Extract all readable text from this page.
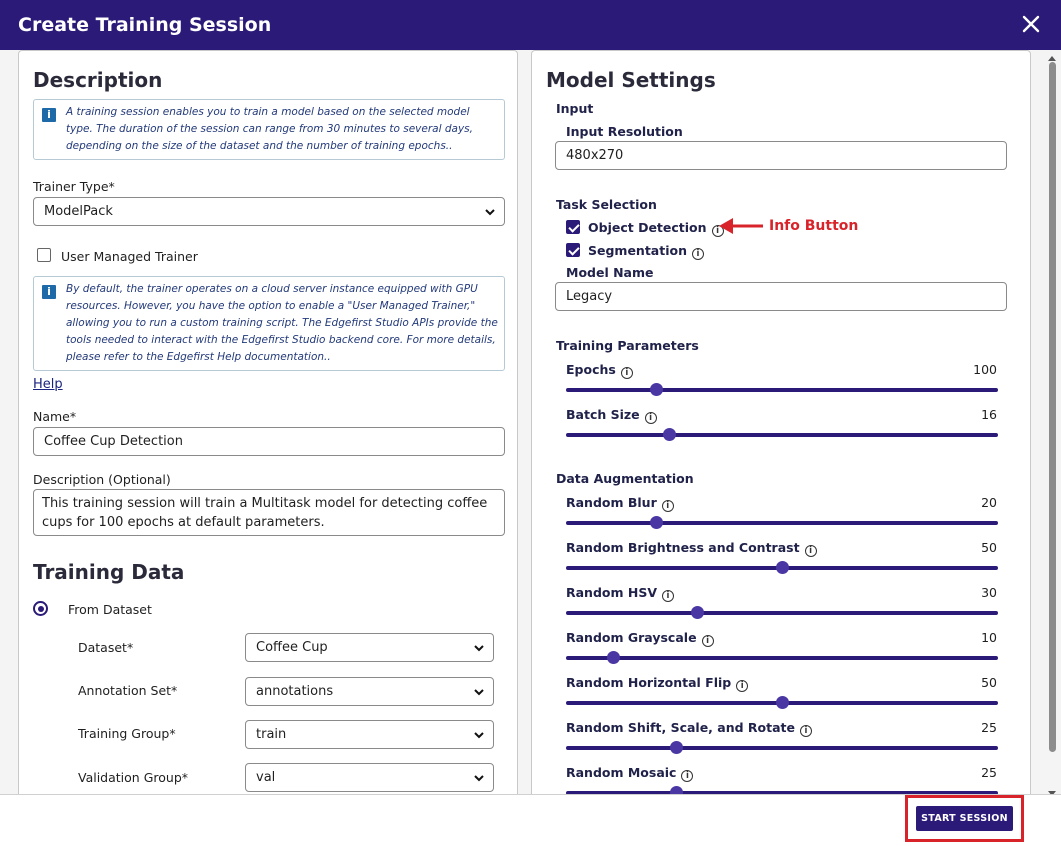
Create Training Session
Description
i	A training session enables you to train a model based on the selected model type. The duration of the session can range from 30 minutes to several days, depending on the size of the dataset and the number of training epochs..
Trainer Type*
ModelPack
User Managed Trainer
i	By default, the trainer operates on a cloud server instance equipped with GPU resources. However, you have the option to enable a "User Managed Trainer," allowing you to run a custom training script. The Edgefirst Studio APIs provide the tools needed to interact with the Edgefirst Studio backend core. For more details, please refer to the Edgefirst Help documentation..
Help
Name*
Coffee Cup Detection
Description (Optional)
This training session will train a Multitask model for detecting coffee cups for 100 epochs at default parameters.
Training Data
From Dataset
Dataset*	Coffee Cup
Annotation Set*	annotations
Training Group*	train
Validation Group*	val
Model Settings
Input
Input Resolution
480x270
Task Selection
Object Detection i
Segmentation i
Model Name
Legacy
Training Parameters
Epochs i	100
Batch Size i	16
Data Augmentation
Random Blur i	20
Random Brightness and Contrast i	50
Random HSV i	30
Random Grayscale i	10
Random Horizontal Flip i	50
Random Shift, Scale, and Rotate i	25
Random Mosaic i	25
Info Button
START SESSION
